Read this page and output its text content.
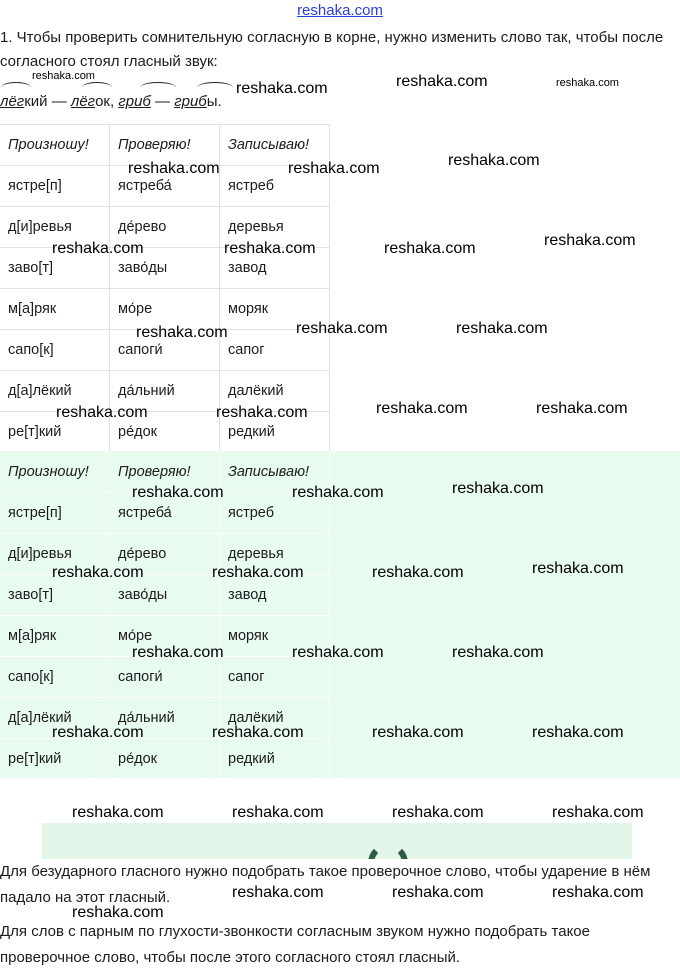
reshaka.com
1. Чтобы проверить сомнительную согласную в корне, нужно изменить слово так, чтобы после согласного стоял гласный звук:
лёгкий — лёгок, гриб — грибы.
Произношу!	Проверяю!	Записываю!
ястре[п]	ястреба́	ястреб
д[и]ревья	де́рево	деревья
заво[т]	заво́ды	завод
м[а]ряк	мо́ре	моряк
сапо[к]	сапоги́	сапог
д[а]лёкий	да́льний	далёкий
ре[т]кий	ре́док	редкий
Произношу!	Проверяю!	Записываю!
ястре[п]	ястреба́	ястреб
д[и]ревья	де́рево	деревья
заво[т]	заво́ды	завод
м[а]ряк	мо́ре	моряк
сапо[к]	сапоги́	сапог
д[а]лёкий	да́льний	далёкий
ре[т]кий	ре́док	редкий
Для безударного гласного нужно подобрать такое проверочное слово, чтобы ударение в нём падало на этот гласный.
Для слов с парным по глухости-звонкости согласным звуком нужно подобрать такое проверочное слово, чтобы после этого согласного стоял гласный.
reshaka.com
reshaka.com	reshaka.com	reshaka.com
reshaka.com	reshaka.com	reshaka.com
reshaka.com	reshaka.com	reshaka.com	reshaka.com
reshaka.com	reshaka.com	reshaka.com
reshaka.com	reshaka.com	reshaka.com	reshaka.com
reshaka.com	reshaka.com	reshaka.com
reshaka.com	reshaka.com	reshaka.com	reshaka.com
reshaka.com	reshaka.com	reshaka.com
reshaka.com	reshaka.com	reshaka.com	reshaka.com
reshaka.com	reshaka.com	reshaka.com	reshaka.com
reshaka.com	reshaka.com	reshaka.com
reshaka.com
